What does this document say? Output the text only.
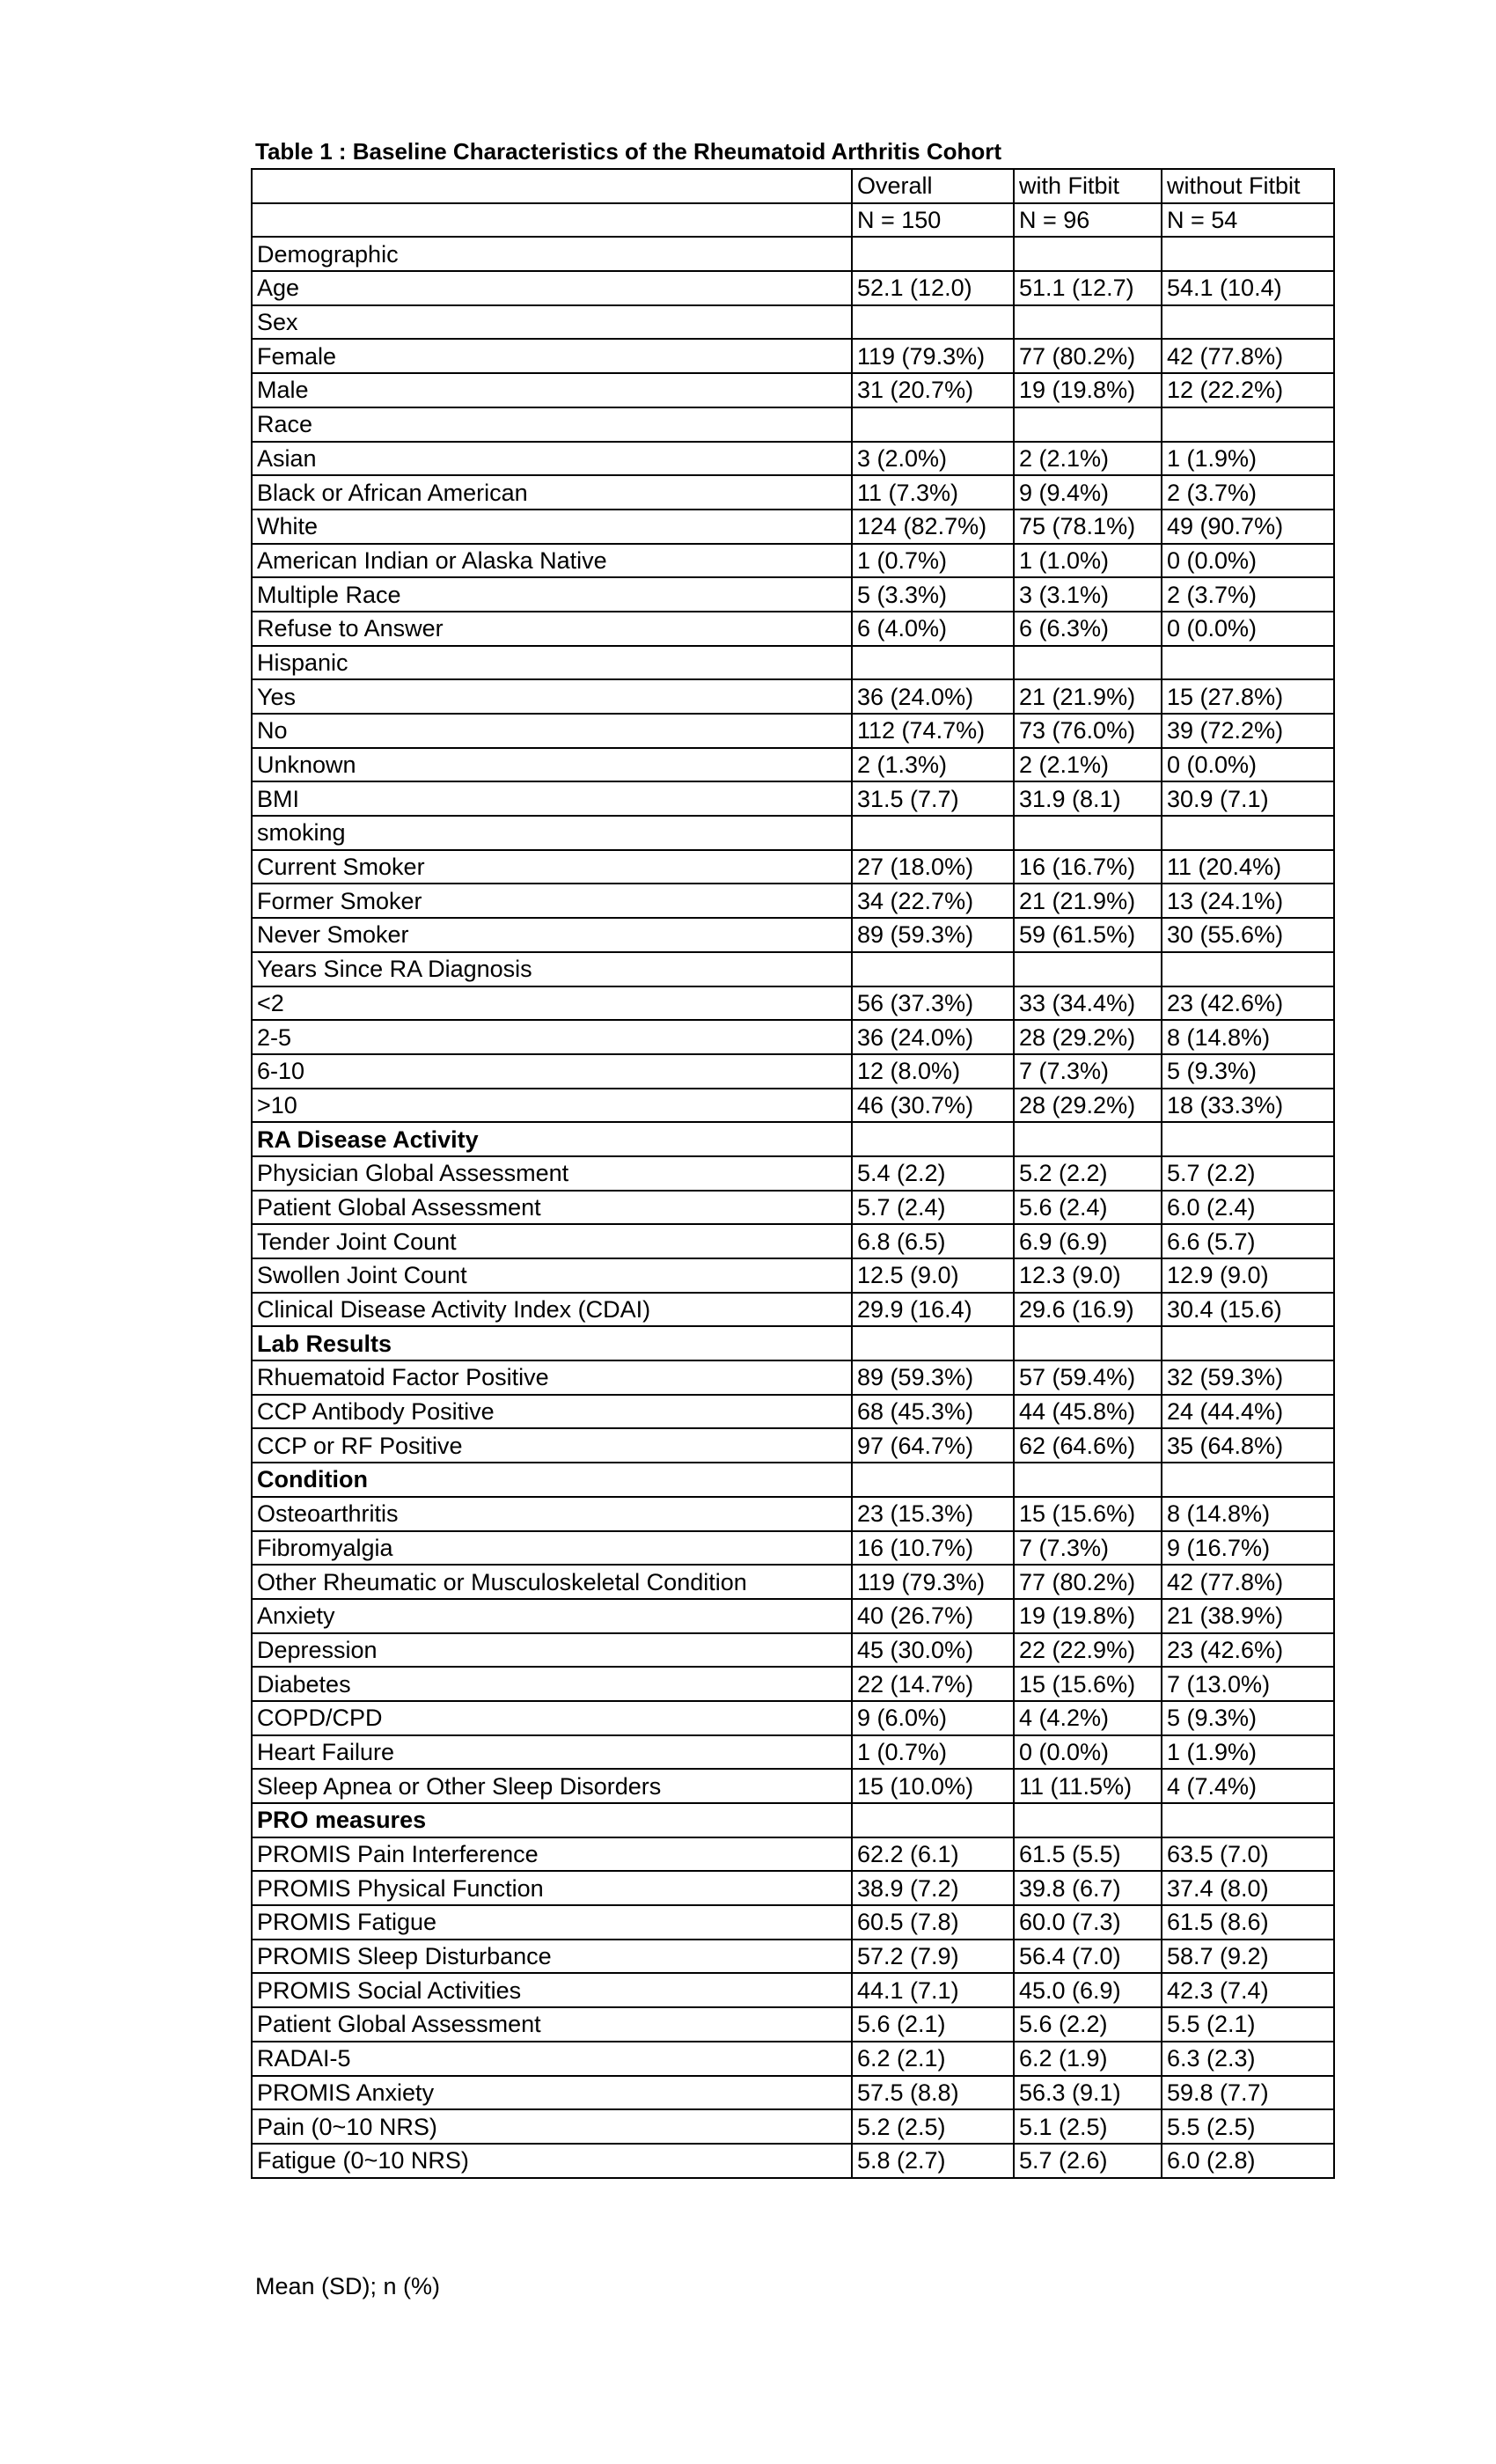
Table 1 : Baseline Characteristics of the Rheumatoid Arthritis Cohort
	Overall	with Fitbit	without Fitbit
	N = 150	N = 96	N = 54
Demographic			
Age	52.1 (12.0)	51.1 (12.7)	54.1 (10.4)
Sex			
Female	119 (79.3%)	77 (80.2%)	42 (77.8%)
Male	31 (20.7%)	19 (19.8%)	12 (22.2%)
Race			
Asian	3 (2.0%)	2 (2.1%)	1 (1.9%)
Black or African American	11 (7.3%)	9 (9.4%)	2 (3.7%)
White	124 (82.7%)	75 (78.1%)	49 (90.7%)
American Indian or Alaska Native	1 (0.7%)	1 (1.0%)	0 (0.0%)
Multiple Race	5 (3.3%)	3 (3.1%)	2 (3.7%)
Refuse to Answer	6 (4.0%)	6 (6.3%)	0 (0.0%)
Hispanic			
Yes	36 (24.0%)	21 (21.9%)	15 (27.8%)
No	112 (74.7%)	73 (76.0%)	39 (72.2%)
Unknown	2 (1.3%)	2 (2.1%)	0 (0.0%)
BMI	31.5 (7.7)	31.9 (8.1)	30.9 (7.1)
smoking			
Current Smoker	27 (18.0%)	16 (16.7%)	11 (20.4%)
Former Smoker	34 (22.7%)	21 (21.9%)	13 (24.1%)
Never Smoker	89 (59.3%)	59 (61.5%)	30 (55.6%)
Years Since RA Diagnosis			
<2	56 (37.3%)	33 (34.4%)	23 (42.6%)
2-5	36 (24.0%)	28 (29.2%)	8 (14.8%)
6-10	12 (8.0%)	7 (7.3%)	5 (9.3%)
>10	46 (30.7%)	28 (29.2%)	18 (33.3%)
RA Disease Activity			
Physician Global Assessment	5.4 (2.2)	5.2 (2.2)	5.7 (2.2)
Patient Global Assessment	5.7 (2.4)	5.6 (2.4)	6.0 (2.4)
Tender Joint Count	6.8 (6.5)	6.9 (6.9)	6.6 (5.7)
Swollen Joint Count	12.5 (9.0)	12.3 (9.0)	12.9 (9.0)
Clinical Disease Activity Index (CDAI)	29.9 (16.4)	29.6 (16.9)	30.4 (15.6)
Lab Results			
Rhuematoid Factor Positive	89 (59.3%)	57 (59.4%)	32 (59.3%)
CCP Antibody Positive	68 (45.3%)	44 (45.8%)	24 (44.4%)
CCP or RF Positive	97 (64.7%)	62 (64.6%)	35 (64.8%)
Condition			
Osteoarthritis	23 (15.3%)	15 (15.6%)	8 (14.8%)
Fibromyalgia	16 (10.7%)	7 (7.3%)	9 (16.7%)
Other Rheumatic or Musculoskeletal Condition	119 (79.3%)	77 (80.2%)	42 (77.8%)
Anxiety	40 (26.7%)	19 (19.8%)	21 (38.9%)
Depression	45 (30.0%)	22 (22.9%)	23 (42.6%)
Diabetes	22 (14.7%)	15 (15.6%)	7 (13.0%)
COPD/CPD	9 (6.0%)	4 (4.2%)	5 (9.3%)
Heart Failure	1 (0.7%)	0 (0.0%)	1 (1.9%)
Sleep Apnea or Other Sleep Disorders	15 (10.0%)	11 (11.5%)	4 (7.4%)
PRO measures			
PROMIS Pain Interference	62.2 (6.1)	61.5 (5.5)	63.5 (7.0)
PROMIS Physical Function	38.9 (7.2)	39.8 (6.7)	37.4 (8.0)
PROMIS Fatigue	60.5 (7.8)	60.0 (7.3)	61.5 (8.6)
PROMIS Sleep Disturbance	57.2 (7.9)	56.4 (7.0)	58.7 (9.2)
PROMIS Social Activities	44.1 (7.1)	45.0 (6.9)	42.3 (7.4)
Patient Global Assessment	5.6 (2.1)	5.6 (2.2)	5.5 (2.1)
RADAI-5	6.2 (2.1)	6.2 (1.9)	6.3 (2.3)
PROMIS Anxiety	57.5 (8.8)	56.3 (9.1)	59.8 (7.7)
Pain (0~10 NRS)	5.2 (2.5)	5.1 (2.5)	5.5 (2.5)
Fatigue (0~10 NRS)	5.8 (2.7)	5.7 (2.6)	6.0 (2.8)
Mean (SD); n (%)
